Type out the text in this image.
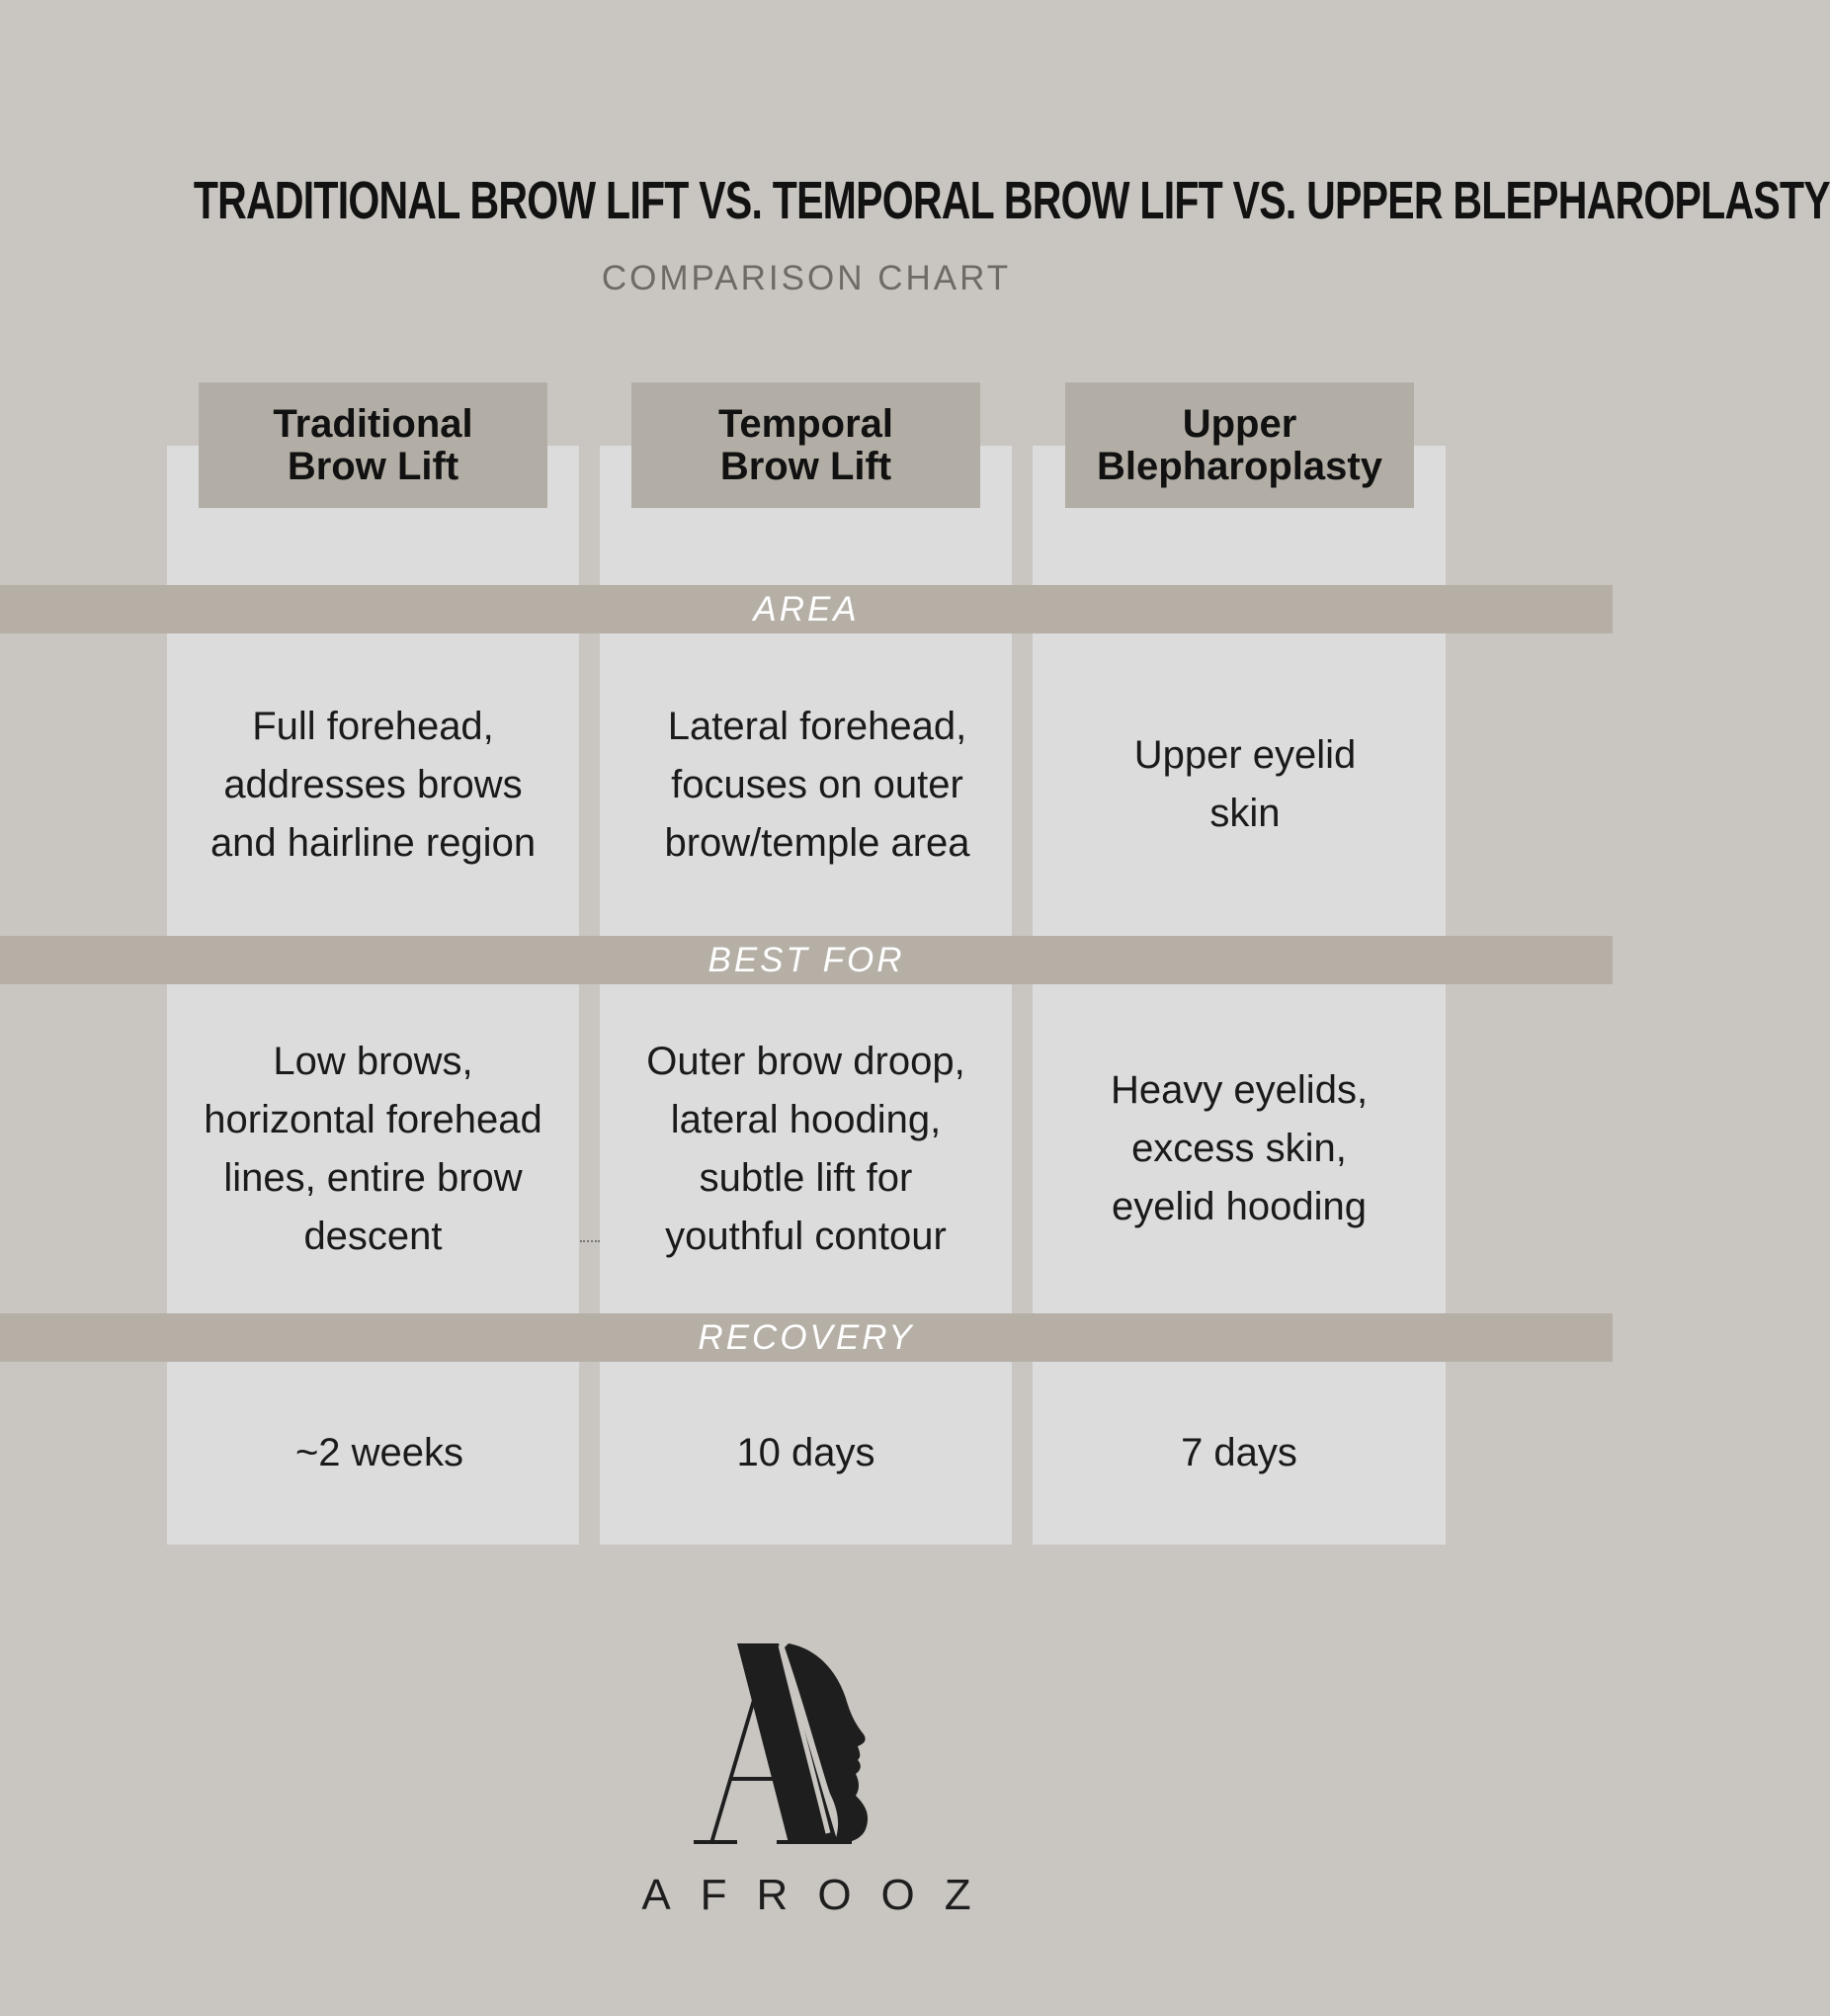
TRADITIONAL BROW LIFT VS. TEMPORAL BROW LIFT VS. UPPER BLEPHAROPLASTY
COMPARISON CHART
Traditional
Brow Lift
Temporal
Brow Lift
Upper
Blepharoplasty
AREA
BEST FOR
RECOVERY
Full forehead,
addresses brows
and hairline region
Lateral forehead,
focuses on outer
brow/temple area
Upper eyelid
skin
Low brows,
horizontal forehead
lines, entire brow
descent
Outer brow droop,
lateral hooding,
subtle lift for
youthful contour
Heavy eyelids,
excess skin,
eyelid hooding
~2 weeks	10 days	7 days
AFROOZ
